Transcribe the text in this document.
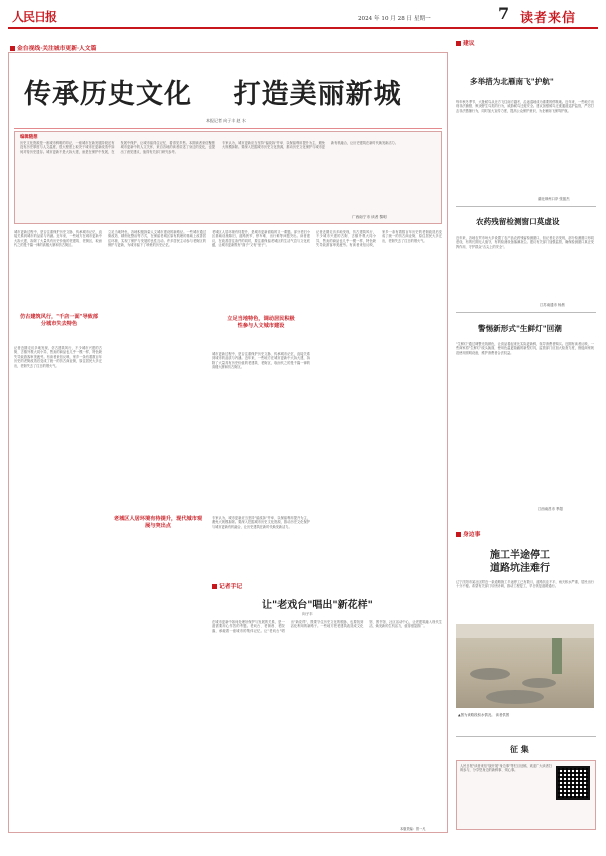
人民日报	2024 年 10 月 28 日 星期一	7 读者来信
金台视线·关注城市更新·人文篇
传承历史文化    打造美丽新城
本报记者 向子丰 赵 水
编辑随想
历史文化资源是一座城市鲜明的印记，一座城市在新发展阶段还有没有历史厚度与人文温度，很大程度上取决于城市在更新改造中如何对待历史遗存。城市更新不是大拆大建，而是在保护中发展，在发展中保护，让城市留得住记忆、看得见乡愁。本期读者来信聚焦城市更新中的人文关怀，来自各地的读者讲述了身边的变化，也提出了意见建议，值得有关部门研究参考。
专家认为，城市更新应当坚持"留改拆"并举、以保留利用提升为主，避免大规模拆除。要深入挖掘城市历史文化资源，推动历史文化保护与城市更新有机融合，让历史建筑在新时代焕发新活力。
广西南宁市 读者 黎明
城市更新过程中，是否注重保护历史文脉、传承城市记忆，直接关系到城市的品质与内涵。近年来，一些地方在城市更新中大拆大建，拆除了大量具有历史价值的老建筑、老街区，取而代之的是千篇一律的高楼大厦和仿古街区。
仿古建筑风行，"千店一面"导致部分城市失去特色
记者近期走访多地发现，仿古建筑风行，不少城市兴建的古街、古镇外观大同小异，售卖的商品也几乎一模一样，特色缺失导致游客审美疲劳。有读者来信反映，家乡一条有着数百年历史的老街改造后变成了统一的仿古商业街，原住居民大多迁出，老街失去了往日的烟火气。
立足当地特色，各地积极探索人文城市建设的新路径。一些城市通过微改造、精细化整治等方式，在保留老城区原有肌理的基础上改善居住环境，实现了保护与发展的良性互动。许多居民主动参与老街区的保护与更新，为城市留下了珍贵的历史记忆。
老城区人居环境有待提升，是城市更新面临的又一课题。部分老旧小区基础设施陈旧，道路狭窄，停车难、出行难等问题突出。读者建议，在改善居住条件的同时，要注重保留老城区的生活气息与文化底蕴，让城市更新既有"面子"又有"里子"。
立足当地特色，调动居民积极性参与人文城市建设
城市更新过程中，是否注重保护历史文脉、传承城市记忆，直接关系到城市的品质与内涵。近年来，一些地方在城市更新中大拆大建，拆除了大量具有历史价值的老建筑、老街区，取而代之的是千篇一律的高楼大厦和仿古街区。
老城区人居环境有待提升，现代城市观展与突出点
专家认为，城市更新应当坚持"留改拆"并举、以保留利用提升为主，避免大规模拆除。要深入挖掘城市历史文化资源，推动历史文化保护与城市更新有机融合，让历史建筑在新时代焕发新活力。
记者近期走访多地发现，仿古建筑风行，不少城市兴建的古街、古镇外观大同小异，售卖的商品也几乎一模一样，特色缺失导致游客审美疲劳。有读者来信反映，家乡一条有着数百年历史的老街改造后变成了统一的仿古商业街，原住居民大多迁出，老街失去了往日的烟火气。
记者手记
让"老戏台"唱出"新花样"
向子丰
在城市更新中如何处理好保护与发展的关系，是一道需要用心作答的考题。老戏台、老街巷、老院落，承载着一座城市的集体记忆。让"老戏台"唱出"新花样"，既要守住历史文化的根脉，也要找到活化利用的新路子。一些地方把老建筑改造成文化馆、图书馆、社区活动中心，让老建筑融入现代生活，焕发新的生机活力，值得借鉴推广。
本版责编：曾一凡
建议
多举措为北雁南飞"护航"
每年秋冬季节，大批候鸟从北方飞往南方越冬，沿途湿地成为重要的停歇地。近年来，一些地方出现非法捕猎、贩卖野生鸟类的行为，威胁候鸟迁徙安全。建议加强候鸟迁徙通道巡护监管，严厉打击非法猎捕行为，同时加大宣传力度，提高公众保护意识，为北雁南飞保驾护航。
湖北荆州口岸 张振杰
农药残留检测窗口莫虚设
近年来，各地农贸市场大多设置了农产品农药残留检测窗口，但记者走访发现，部分检测窗口形同虚设，有的长期无人值守，有的检测设备落满灰尘。建议有关部门加强监管，确保检测窗口真正发挥作用，守护群众"舌尖上的安全"。
江苏南通市 杨晨
警惕新形式"生鲜灯"回潮
"生鲜灯"通过调整光线颜色，让食品看起来比实际更新鲜，误导消费者购买。近期有读者反映，一些商家将"生鲜灯"改头换面，使用色温更隐蔽的新型灯具，监管部门应加大检查力度，督促商家规范使用照明设备，维护消费者合法权益。
江西南昌市 季超
身边事
施工半途停工
道路坑洼难行
辽宁沈阳市某社区附近一条道路施工半途停工已有数月，道路坑洼不平，雨天积水严重，居民出行十分不便。希望有关部门尽快协调，推动工程复工，早日恢复道路通行。
▲图为该路段积水情况。 读者供图
征 集
人民日报"读者来信"版开展"身边事"等栏目征稿，欢迎广大读者扫码参与，分享您身边的新鲜事、烦心事。
